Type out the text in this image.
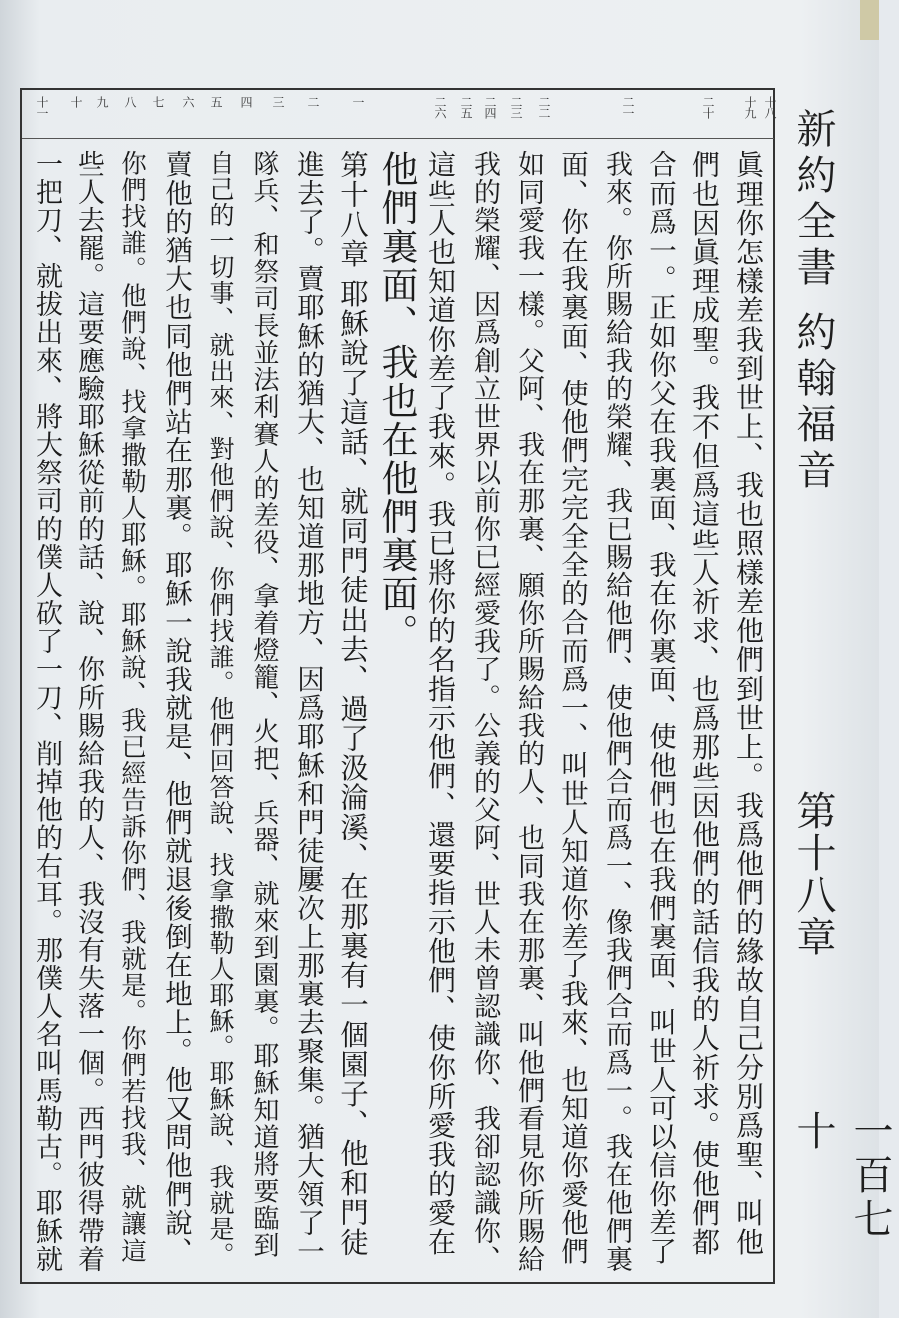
新約全書 約翰福音
第十八章
一百七十
十八
十九
二十
二一
二二
二三
二四
二五
二六
一
二
三
四
五
六
七
八
九
十
十一
眞理你怎樣差我到世上、我也照樣差他們到世上。我爲他們的緣故自己分別爲聖、叫他
們也因眞理成聖。我不但爲這些人祈求、也爲那些因他們的話信我的人祈求。使他們都
合而爲一。正如你父在我裏面、我在你裏面、使他們也在我們裏面、叫世人可以信你差了
我來。你所賜給我的榮耀、我已賜給他們、使他們合而爲一、像我們合而爲一。我在他們裏
面、你在我裏面、使他們完完全全的合而爲一、叫世人知道你差了我來、也知道你愛他們
如同愛我一樣。父阿、我在那裏、願你所賜給我的人、也同我在那裏、叫他們看見你所賜給
我的榮耀、因爲創立世界以前你已經愛我了。公義的父阿、世人未曾認識你、我卻認識你、
這些人也知道你差了我來。我已將你的名指示他們、還要指示他們、使你所愛我的愛在
他們裏面、我也在他們裏面。
第十八章 耶穌說了這話、就同門徒出去、過了汲淪溪、在那裏有一個園子、他和門徒
進去了。賣耶穌的猶大、也知道那地方、因爲耶穌和門徒屢次上那裏去聚集。猶大領了一
隊兵、和祭司長並法利賽人的差役、拿着燈籠、火把、兵器、就來到園裏。耶穌知道將要臨到
自己的一切事、就出來、對他們說、你們找誰。他們回答說、找拿撒勒人耶穌。耶穌說、我就是。
賣他的猶大也同他們站在那裏。耶穌一說我就是、他們就退後倒在地上。他又問他們說、
你們找誰。他們說、找拿撒勒人耶穌。耶穌說、我已經告訴你們、我就是。你們若找我、就讓這
些人去罷。這要應驗耶穌從前的話、說、你所賜給我的人、我沒有失落一個。西門彼得帶着
一把刀、就拔出來、將大祭司的僕人砍了一刀、削掉他的右耳。那僕人名叫馬勒古。耶穌就
